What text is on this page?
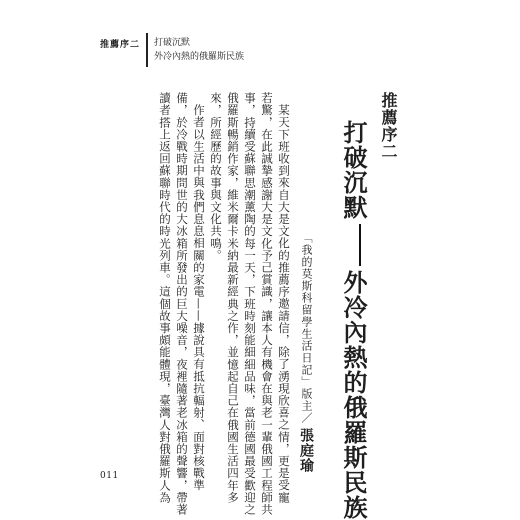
推薦序二 打破沉默
外冷內熱的俄羅斯民族
推薦序二
打破沉默外冷內熱的俄羅斯民族
「我的莫斯科留學生活日記」版主／張庭瑜
某天下班收到來自大是文化的推薦序邀請信，除了湧現欣喜之情，更是受寵
若驚，在此誠摯感謝大是文化予己賞識，讓本人有機會在與老一輩俄國工程師共
事，持續受蘇聯思潮薰陶的每一天，下班時刻能細細品味，當前德國最受歡迎之
俄羅斯暢銷作家，維米爾卡米納最新經典之作，並憶起自己在俄國生活四年多
來，所經歷的故事與文化共鳴。
作者以生活中與我們息息相關的家電——據說具有抵抗輻射、面對核戰準
備，於冷戰時期問世的大冰箱所發出的巨大噪音，夜裡隨著老冰箱的聲響，帶著
讀者搭上返回蘇聯時代的時光列車。這個故事頗能體現，臺灣人對俄羅斯人為
011
